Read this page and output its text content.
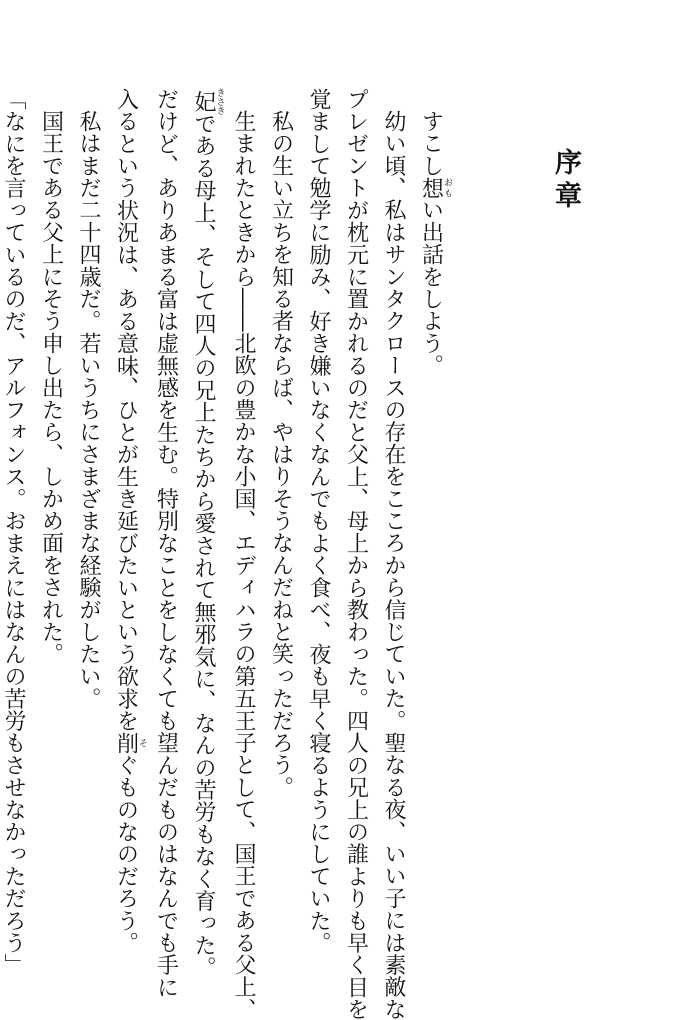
序章

すこし想おもい出話をしよう。

幼い頃、私はサンタクロースの存在をこころから信じていた。聖なる夜、いい子には素敵な

プレゼントが枕元に置かれるのだと父上、母上から教わった。四人の兄上の誰よりも早く目を

覚まして勉学に励み、好き嫌いなくなんでもよく食べ、夜も早く寝るようにしていた。

私の生い立ちを知る者ならば、やはりそうなんだねと笑っただろう。

生まれたときから――北欧の豊かな小国、エディハラの第五王子として、国王である父上、

妃きさきである母上、そして四人の兄上たちから愛されて無邪気に、なんの苦労もなく育った。

だけど、ありあまる富は虚無感を生む。特別なことをしなくても望んだものはなんでも手に

入るという状況は、ある意味、ひとが生き延びたいという欲求を削そぐものなのだろう。

私はまだ二十四歳だ。若いうちにさまざまな経験がしたい。

国王である父上にそう申し出たら、しかめ面をされた。

「なにを言っているのだ、アルフォンス。おまえにはなんの苦労もさせなかっただろう」
